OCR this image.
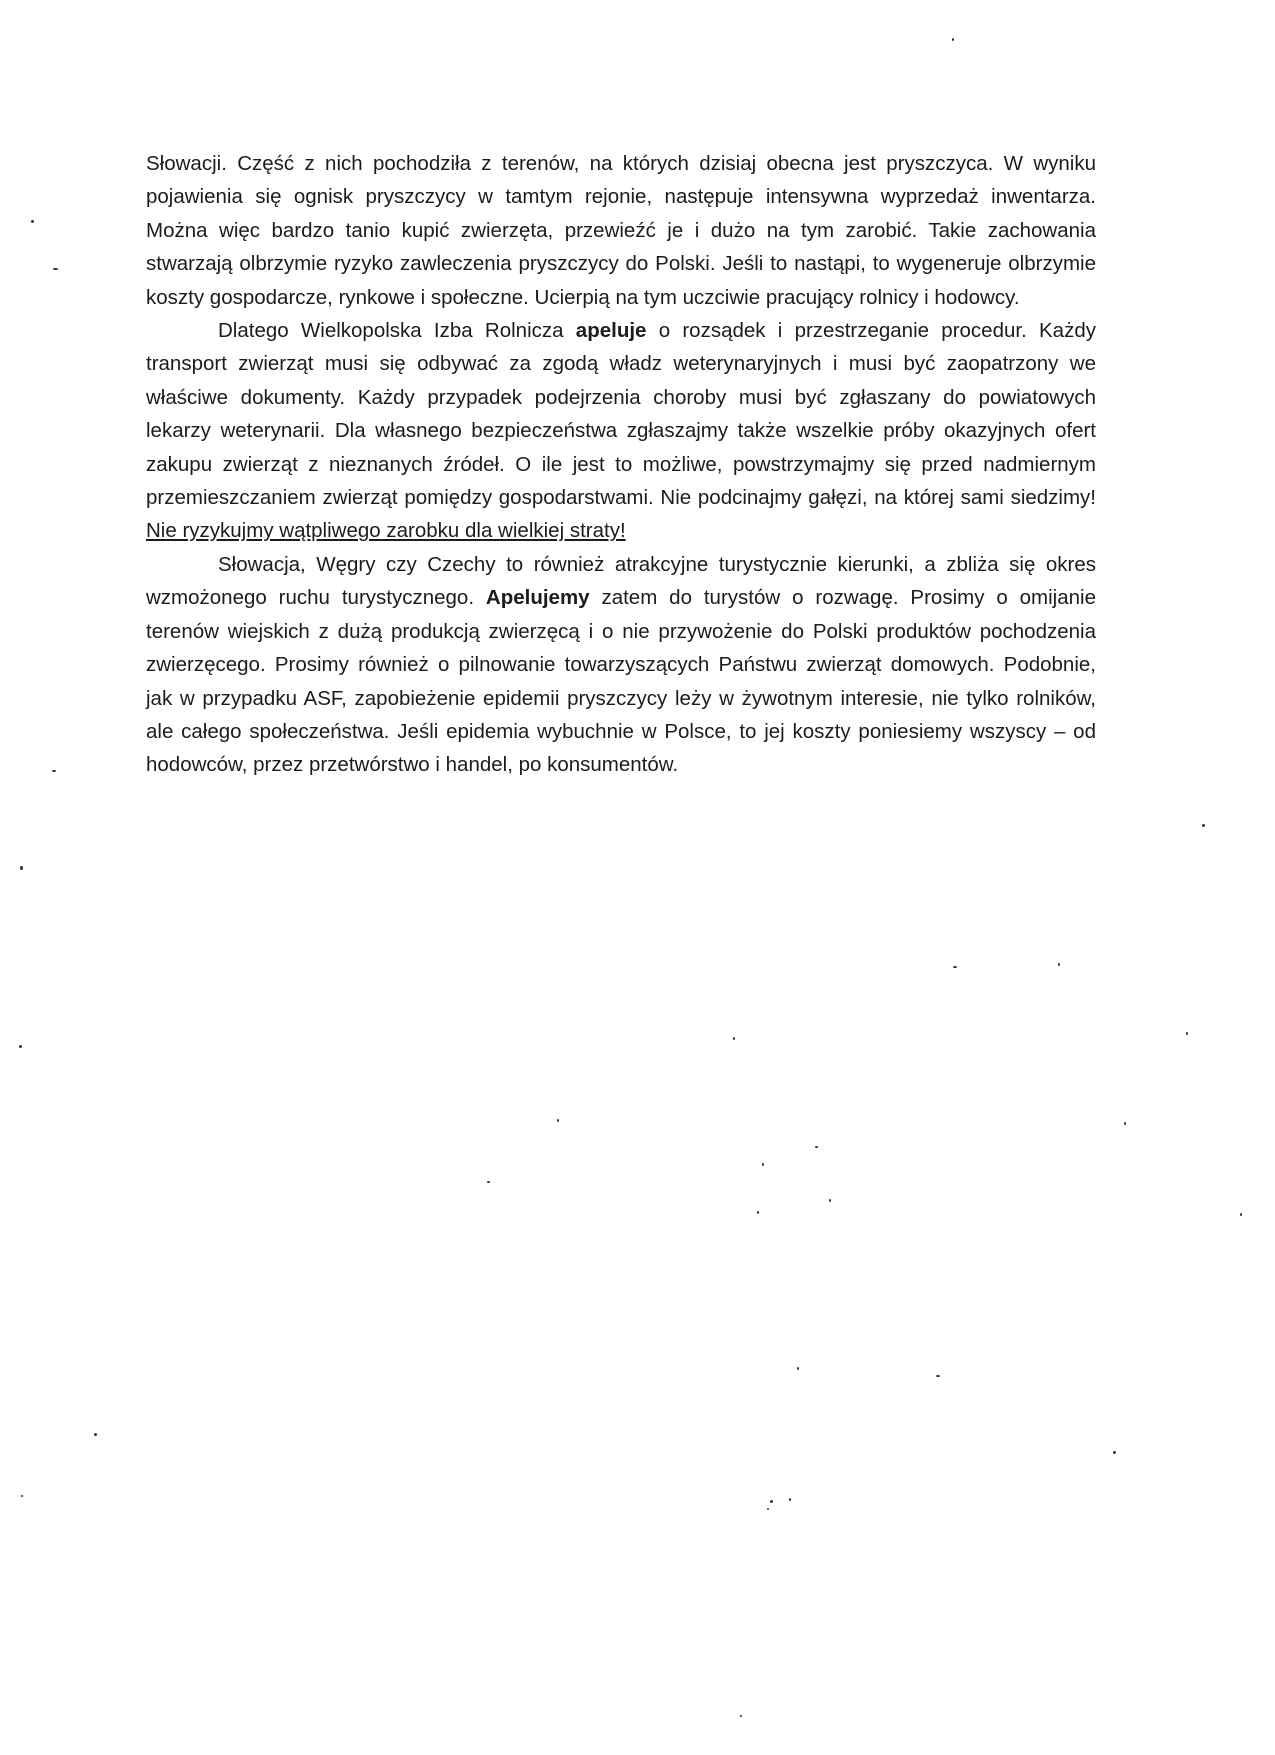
Słowacji. Część z nich pochodziła z terenów, na których dzisiaj obecna jest pryszczyca. W wyniku pojawienia się ognisk pryszczycy w tamtym rejonie, następuje intensywna wyprzedaż inwentarza. Można więc bardzo tanio kupić zwierzęta, przewieźć je i dużo na tym zarobić. Takie zachowania stwarzają olbrzymie ryzyko zawleczenia pryszczycy do Polski. Jeśli to nastąpi, to wygeneruje olbrzymie koszty gospodarcze, rynkowe i społeczne. Ucierpią na tym uczciwie pracujący rolnicy i hodowcy.

Dlatego Wielkopolska Izba Rolnicza apeluje o rozsądek i przestrzeganie procedur. Każdy transport zwierząt musi się odbywać za zgodą władz weterynaryjnych i musi być zaopatrzony we właściwe dokumenty. Każdy przypadek podejrzenia choroby musi być zgłaszany do powiatowych lekarzy weterynarii. Dla własnego bezpieczeństwa zgłaszajmy także wszelkie próby okazyjnych ofert zakupu zwierząt z nieznanych źródeł. O ile jest to możliwe, powstrzymajmy się przed nadmiernym przemieszczaniem zwierząt pomiędzy gospodarstwami. Nie podcinajmy gałęzi, na której sami siedzimy! Nie ryzykujmy wątpliwego zarobku dla wielkiej straty!

Słowacja, Węgry czy Czechy to również atrakcyjne turystycznie kierunki, a zbliża się okres wzmożonego ruchu turystycznego. Apelujemy zatem do turystów o rozwagę. Prosimy o omijanie terenów wiejskich z dużą produkcją zwierzęcą i o nie przywożenie do Polski produktów pochodzenia zwierzęcego. Prosimy również o pilnowanie towarzyszących Państwu zwierząt domowych. Podobnie, jak w przypadku ASF, zapobieżenie epidemii pryszczycy leży w żywotnym interesie, nie tylko rolników, ale całego społeczeństwa. Jeśli epidemia wybuchnie w Polsce, to jej koszty poniesiemy wszyscy – od hodowców, przez przetwórstwo i handel, po konsumentów.
